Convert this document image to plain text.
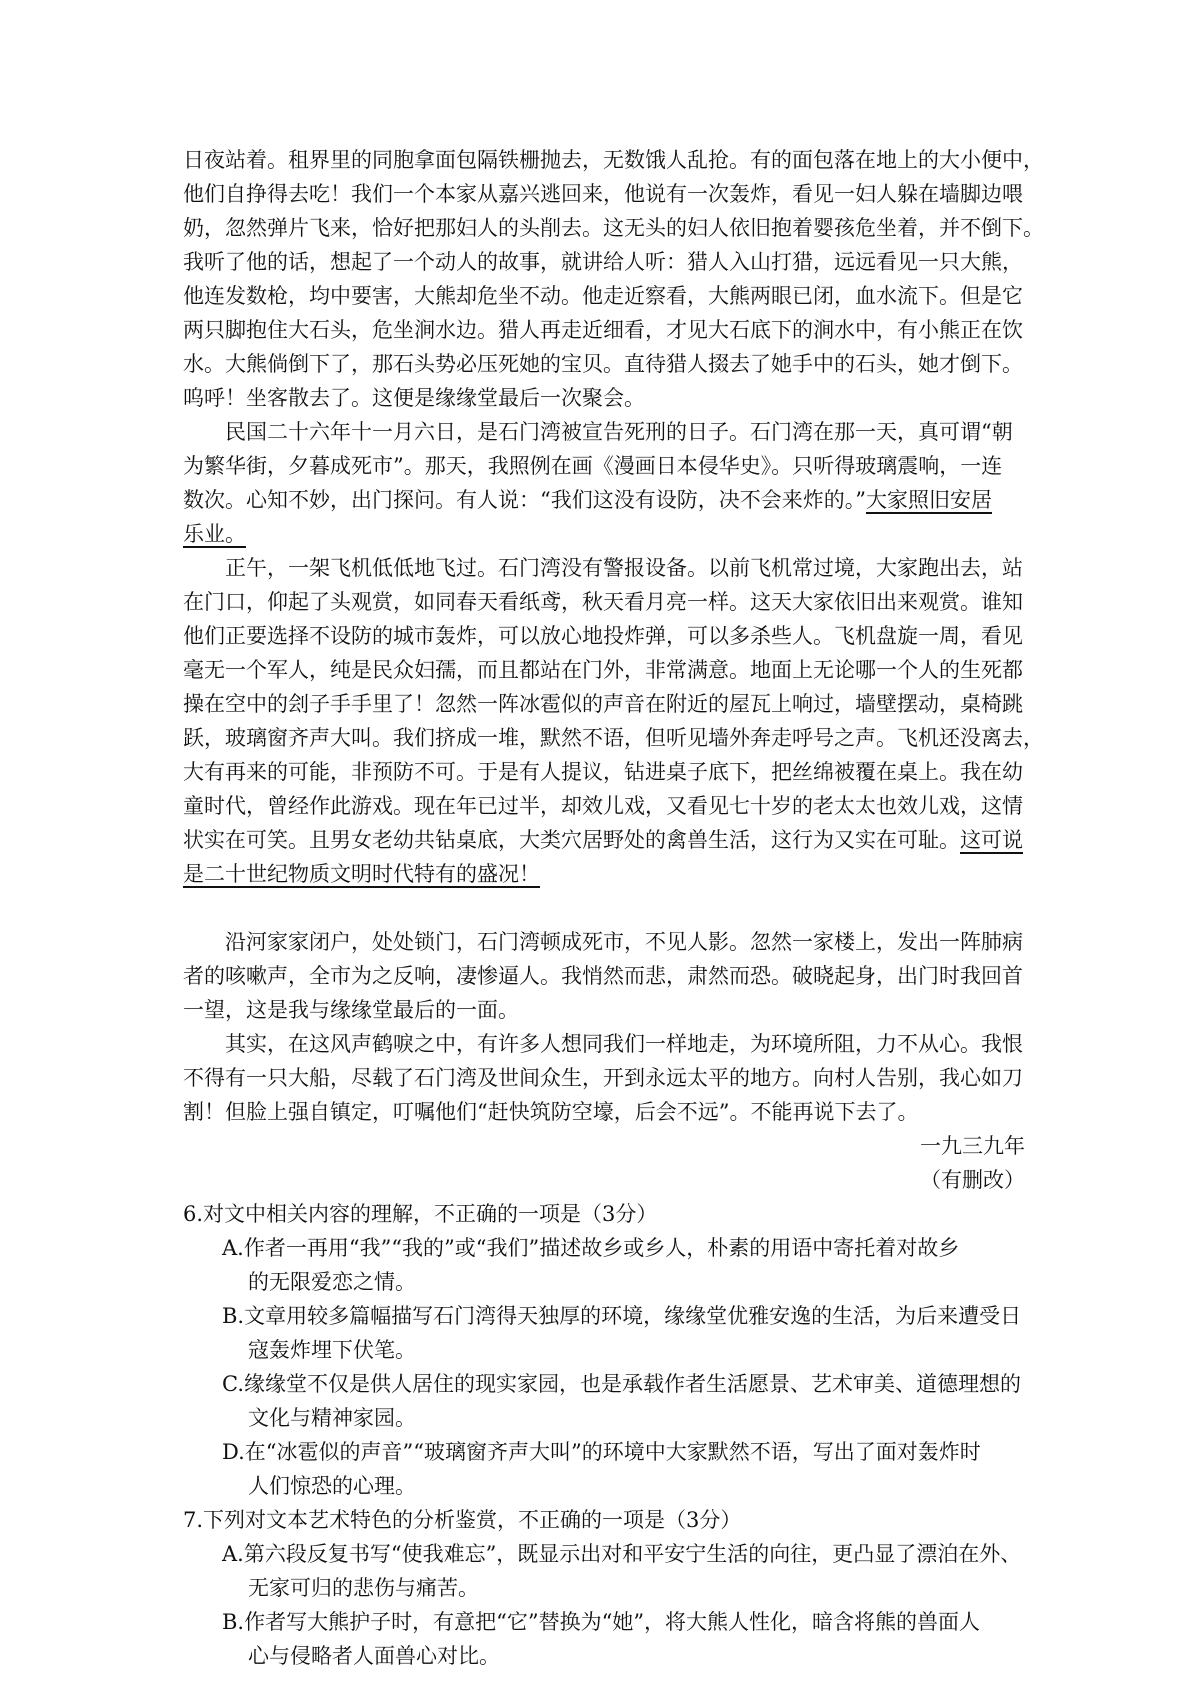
日夜站着。租界里的同胞拿面包隔铁栅抛去，无数饿人乱抢。有的面包落在地上的大小便中，
他们自挣得去吃！我们一个本家从嘉兴逃回来，他说有一次轰炸，看见一妇人躲在墙脚边喂
奶，忽然弹片飞来，恰好把那妇人的头削去。这无头的妇人依旧抱着婴孩危坐着，并不倒下。
我听了他的话，想起了一个动人的故事，就讲给人听：猎人入山打猎，远远看见一只大熊，
他连发数枪，均中要害，大熊却危坐不动。他走近察看，大熊两眼已闭，血水流下。但是它
两只脚抱住大石头，危坐涧水边。猎人再走近细看，才见大石底下的涧水中，有小熊正在饮
水。大熊倘倒下了，那石头势必压死她的宝贝。直待猎人掇去了她手中的石头，她才倒下。
呜呼！坐客散去了。这便是缘缘堂最后一次聚会。
民国二十六年十一月六日，是石门湾被宣告死刑的日子。石门湾在那一天，真可谓“朝
为繁华街，夕暮成死市”。那天，我照例在画《漫画日本侵华史》。只听得玻璃震响，一连
数次。心知不妙，出门探问。有人说：“我们这没有设防，决不会来炸的。”大家照旧安居
乐业。
正午，一架飞机低低地飞过。石门湾没有警报设备。以前飞机常过境，大家跑出去，站
在门口，仰起了头观赏，如同春天看纸鸢，秋天看月亮一样。这天大家依旧出来观赏。谁知
他们正要选择不设防的城市轰炸，可以放心地投炸弹，可以多杀些人。飞机盘旋一周，看见
毫无一个军人，纯是民众妇孺，而且都站在门外，非常满意。地面上无论哪一个人的生死都
操在空中的刽子手手里了！忽然一阵冰雹似的声音在附近的屋瓦上响过，墙壁摆动，桌椅跳
跃，玻璃窗齐声大叫。我们挤成一堆，默然不语，但听见墙外奔走呼号之声。飞机还没离去，
大有再来的可能，非预防不可。于是有人提议，钻进桌子底下，把丝绵被覆在桌上。我在幼
童时代，曾经作此游戏。现在年已过半，却效儿戏，又看见七十岁的老太太也效儿戏，这情
状实在可笑。且男女老幼共钻桌底，大类穴居野处的禽兽生活，这行为又实在可耻。这可说
是二十世纪物质文明时代特有的盛况！
沿河家家闭户，处处锁门，石门湾顿成死市，不见人影。忽然一家楼上，发出一阵肺病
者的咳嗽声，全市为之反响，凄惨逼人。我悄然而悲，肃然而恐。破晓起身，出门时我回首
一望，这是我与缘缘堂最后的一面。
其实，在这风声鹤唳之中，有许多人想同我们一样地走，为环境所阻，力不从心。我恨
不得有一只大船，尽载了石门湾及世间众生，开到永远太平的地方。向村人告别，我心如刀
割！但脸上强自镇定，叮嘱他们“赶快筑防空壕，后会不远”。不能再说下去了。
一九三九年
（有删改）
6.对文中相关内容的理解，不正确的一项是（3分）
A.作者一再用“我”“我的”或“我们”描述故乡或乡人，朴素的用语中寄托着对故乡
的无限爱恋之情。
B.文章用较多篇幅描写石门湾得天独厚的环境，缘缘堂优雅安逸的生活，为后来遭受日
寇轰炸埋下伏笔。
C.缘缘堂不仅是供人居住的现实家园，也是承载作者生活愿景、艺术审美、道德理想的
文化与精神家园。
D.在“冰雹似的声音”“玻璃窗齐声大叫”的环境中大家默然不语，写出了面对轰炸时
人们惊恐的心理。
7.下列对文本艺术特色的分析鉴赏，不正确的一项是（3分）
A.第六段反复书写“使我难忘”，既显示出对和平安宁生活的向往，更凸显了漂泊在外、
无家可归的悲伤与痛苦。
B.作者写大熊护子时，有意把“它”替换为“她”，将大熊人性化，暗含将熊的兽面人
心与侵略者人面兽心对比。
